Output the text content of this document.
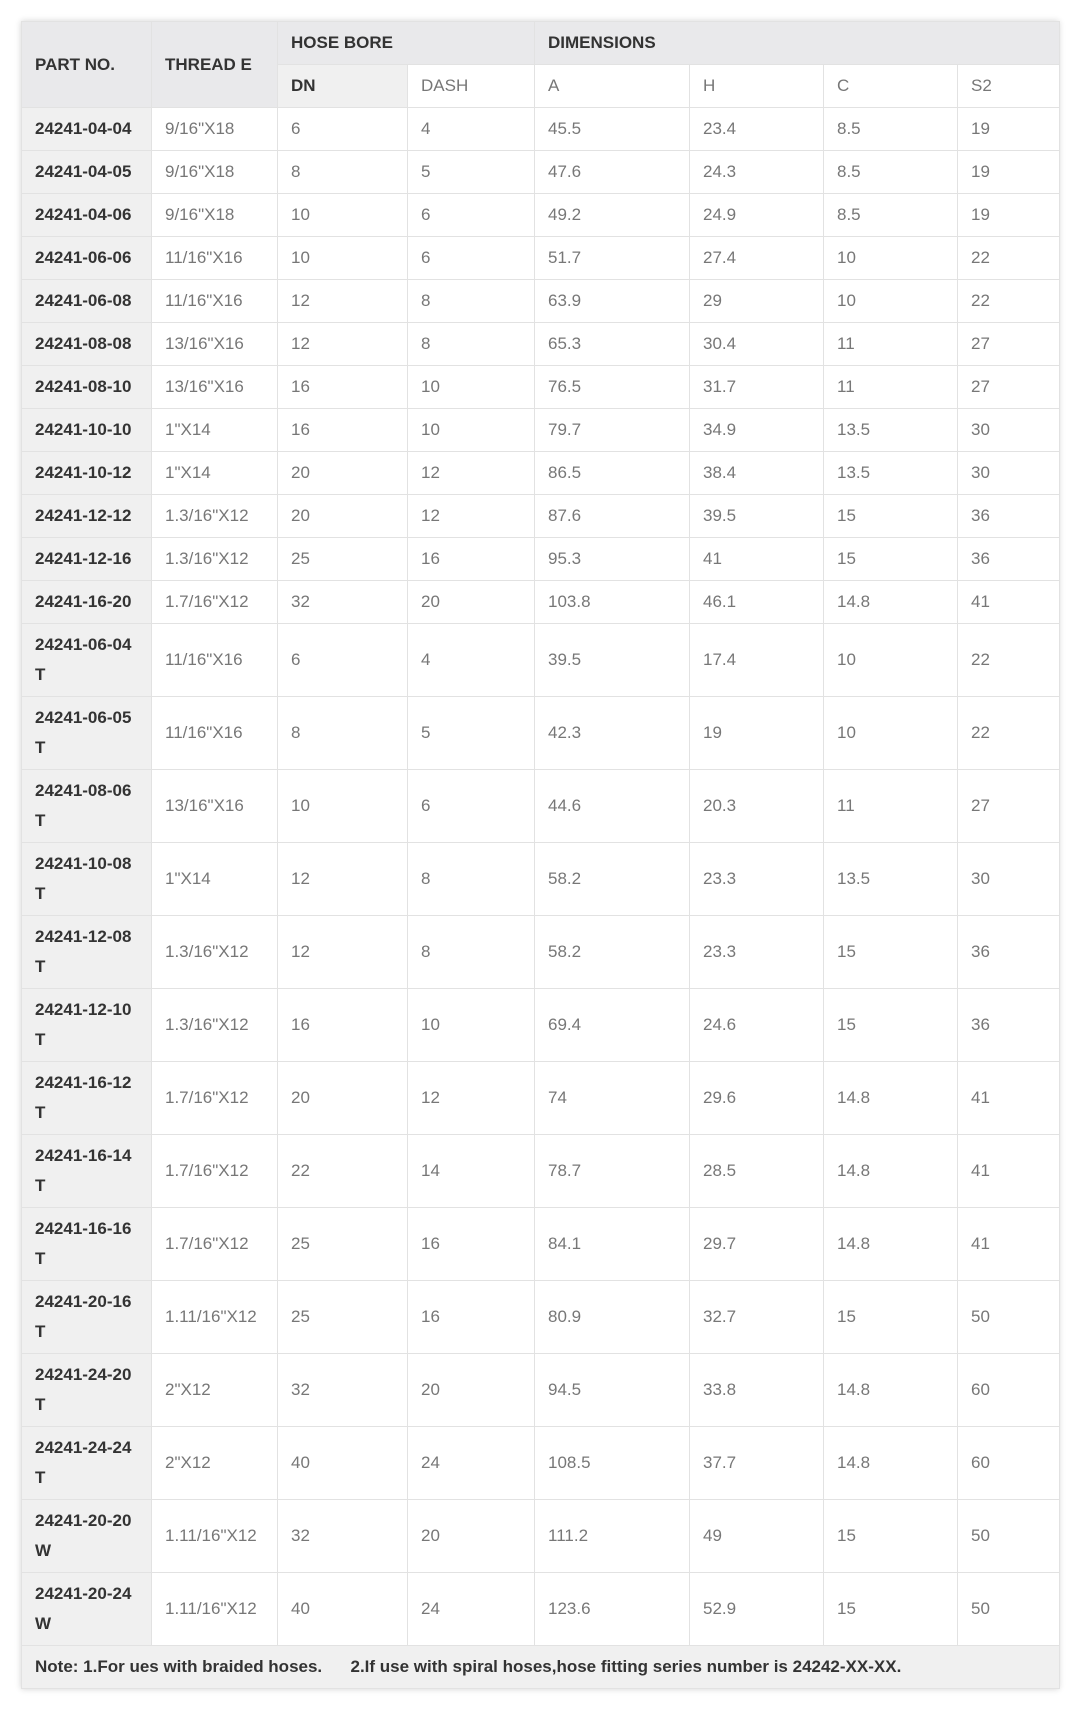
PART NO.	THREAD E	HOSE BORE		DIMENSIONS			
		DN	DASH	A	H	C	S2
24241-04-04	9/16"X18	6	4	45.5	23.4	8.5	19
24241-04-05	9/16"X18	8	5	47.6	24.3	8.5	19
24241-04-06	9/16"X18	10	6	49.2	24.9	8.5	19
24241-06-06	11/16"X16	10	6	51.7	27.4	10	22
24241-06-08	11/16"X16	12	8	63.9	29	10	22
24241-08-08	13/16"X16	12	8	65.3	30.4	11	27
24241-08-10	13/16"X16	16	10	76.5	31.7	11	27
24241-10-10	1"X14	16	10	79.7	34.9	13.5	30
24241-10-12	1"X14	20	12	86.5	38.4	13.5	30
24241-12-12	1.3/16"X12	20	12	87.6	39.5	15	36
24241-12-16	1.3/16"X12	25	16	95.3	41	15	36
24241-16-20	1.7/16"X12	32	20	103.8	46.1	14.8	41
24241-06-04 T	11/16"X16	6	4	39.5	17.4	10	22
24241-06-05 T	11/16"X16	8	5	42.3	19	10	22
24241-08-06 T	13/16"X16	10	6	44.6	20.3	11	27
24241-10-08 T	1"X14	12	8	58.2	23.3	13.5	30
24241-12-08 T	1.3/16"X12	12	8	58.2	23.3	15	36
24241-12-10 T	1.3/16"X12	16	10	69.4	24.6	15	36
24241-16-12 T	1.7/16"X12	20	12	74	29.6	14.8	41
24241-16-14 T	1.7/16"X12	22	14	78.7	28.5	14.8	41
24241-16-16 T	1.7/16"X12	25	16	84.1	29.7	14.8	41
24241-20-16 T	1.11/16"X12	25	16	80.9	32.7	15	50
24241-24-20 T	2"X12	32	20	94.5	33.8	14.8	60
24241-24-24 T	2"X12	40	24	108.5	37.7	14.8	60
24241-20-20 W	1.11/16"X12	32	20	111.2	49	15	50
24241-20-24 W	1.11/16"X12	40	24	123.6	52.9	15	50
Note: 1.For ues with braided hoses.      2.If use with spiral hoses,hose fitting series number is 24242-XX-XX.							
